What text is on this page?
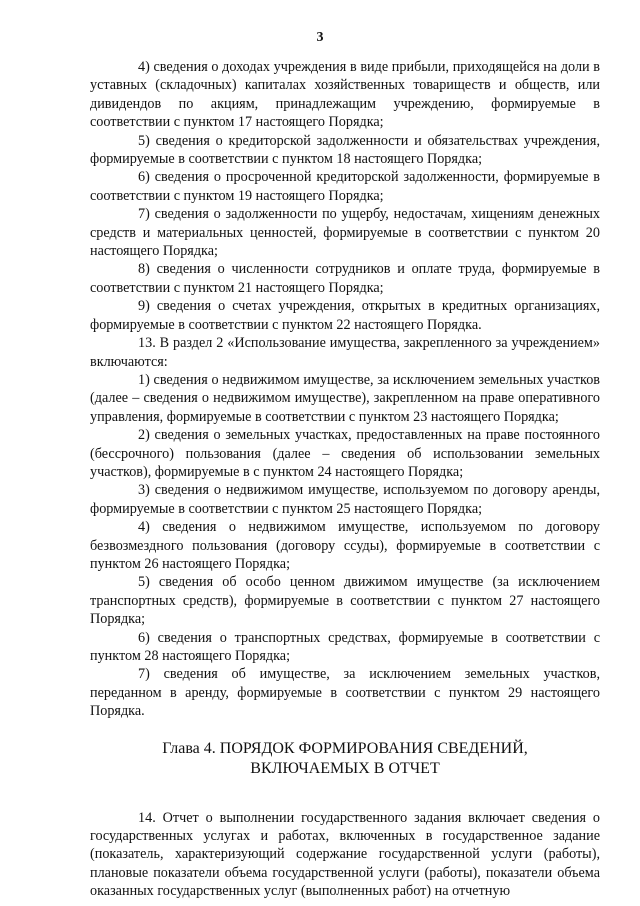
3

4) сведения о доходах учреждения в виде прибыли, приходящейся на доли в уставных (складочных) капиталах хозяйственных товариществ и обществ, или дивидендов по акциям, принадлежащим учреждению, формируемые в соответствии с пунктом 17 настоящего Порядка;

5) сведения о кредиторской задолженности и обязательствах учреждения, формируемые в соответствии с пунктом 18 настоящего Порядка;

6) сведения о просроченной кредиторской задолженности, формируемые в соответствии с пунктом 19 настоящего Порядка;

7) сведения о задолженности по ущербу, недостачам, хищениям денежных средств и материальных ценностей, формируемые в соответствии с пунктом 20 настоящего Порядка;

8) сведения о численности сотрудников и оплате труда, формируемые в соответствии с пунктом 21 настоящего Порядка;

9) сведения о счетах учреждения, открытых в кредитных организациях, формируемые в соответствии с пунктом 22 настоящего Порядка.

13. В раздел 2 «Использование имущества, закрепленного за учреждением» включаются:

1) сведения о недвижимом имуществе, за исключением земельных участков (далее – сведения о недвижимом имуществе), закрепленном на праве оперативного управления, формируемые в соответствии с пунктом 23 настоящего Порядка;

2) сведения о земельных участках, предоставленных на праве постоянного (бессрочного) пользования (далее – сведения об использовании земельных участков), формируемые в с пунктом 24 настоящего Порядка;

3) сведения о недвижимом имуществе, используемом по договору аренды, формируемые в соответствии с пунктом 25 настоящего Порядка;

4) сведения о недвижимом имуществе, используемом по договору безвозмездного пользования (договору ссуды), формируемые в соответствии с пунктом 26 настоящего Порядка;

5) сведения об особо ценном движимом имуществе (за исключением транспортных средств), формируемые в соответствии с пунктом 27 настоящего Порядка;

6) сведения о транспортных средствах, формируемые в соответствии с пунктом 28 настоящего Порядка;

7) сведения об имуществе, за исключением земельных участков, переданном в аренду, формируемые в соответствии с пунктом 29 настоящего Порядка.

Глава 4. ПОРЯДОК ФОРМИРОВАНИЯ СВЕДЕНИЙ,
ВКЛЮЧАЕМЫХ В ОТЧЕТ

14. Отчет о выполнении государственного задания включает сведения о государственных услугах и работах, включенных в государственное задание (показатель, характеризующий содержание государственной услуги (работы), плановые показатели объема государственной услуги (работы), показатели объема оказанных государственных услуг (выполненных работ) на отчетную
